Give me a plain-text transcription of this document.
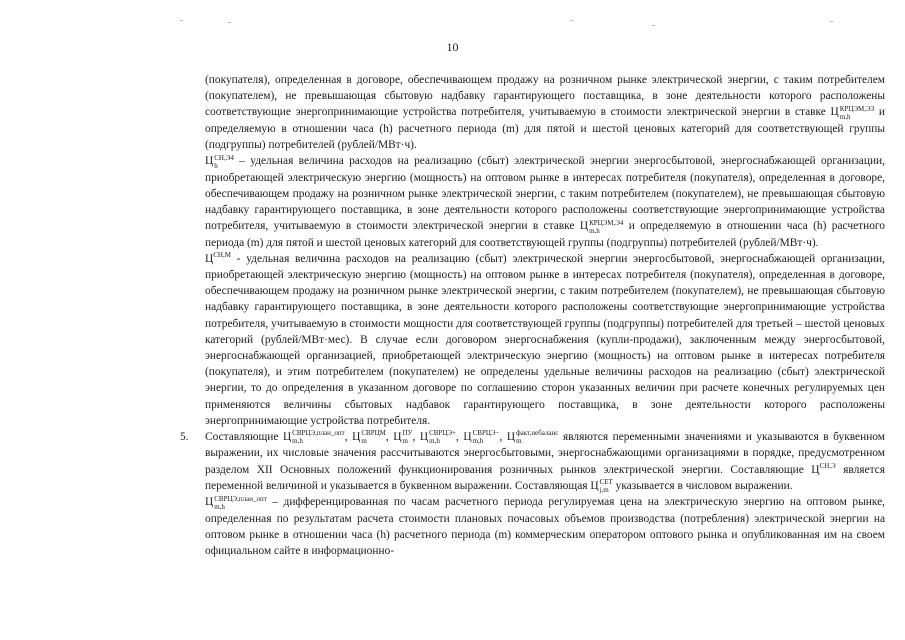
10

(покупателя), определенная в договоре, обеспечивающем продажу на розничном рынке электрической энергии, с таким потребителем (покупателем), не превышающая сбытовую надбавку гарантирующего поставщика, в зоне деятельности которого расположены соответствующие энергопринимающие устройства потребителя, учитываемую в стоимости электрической энергии в ставке Ц КРЦЭМ,ЭЗ
m,h	и определяемую в отношении часа (h) расчетного периода (m) для пятой и шестой ценовых категорий для соответствующей группы (подгруппы) потребителей (рублей/МВт·ч).

Ц СН,Э4
h	– удельная величина расходов на реализацию (сбыт) электрической энергии энергосбытовой, энергоснабжающей организации, приобретающей электрическую энергию (мощность) на оптовом рынке в интересах потребителя (покупателя), определенная в договоре, обеспечивающем продажу на розничном рынке электрической энергии, с таким потребителем (покупателем), не превышающая сбытовую надбавку гарантирующего поставщика, в зоне деятельности которого расположены соответствующие энергопринимающие устройства потребителя, учитываемую в стоимости электрической энергии в ставке Ц КРЦЭМ,Э4
m,h	и определяемую в отношении часа (h) расчетного периода (m) для пятой и шестой ценовых категорий для соответствующей группы (подгруппы) потребителей (рублей/МВт·ч).

$Ц^{СН,М}$ - удельная величина расходов на реализацию (сбыт) электрической энергии энергосбытовой, энергоснабжающей организации, приобретающей электрическую энергию (мощность) на оптовом рынке в интересах потребителя (покупателя), определенная в договоре, обеспечивающем продажу на розничном рынке электрической энергии, с таким потребителем (покупателем), не превышающая сбытовую надбавку гарантирующего поставщика, в зоне деятельности которого расположены соответствующие энергопринимающие устройства потребителя, учитываемую в стоимости мощности для соответствующей группы (подгруппы) потребителей для третьей – шестой ценовых категорий (рублей/МВт·мес). В случае если договором энергоснабжения (купли-продажи), заключенным между энергосбытовой, энергоснабжающей организацией, приобретающей электрическую энергию (мощность) на оптовом рынке в интересах потребителя (покупателя), и этим потребителем (покупателем) не определены удельные величины расходов на реализацию (сбыт) электрической энергии, то до определения в указанном договоре по соглашению сторон указанных величин при расчете конечных регулируемых цен применяются величины сбытовых надбавок гарантирующего поставщика, в зоне деятельности которого расположены энергопринимающие устройства потребителя.

5. Составляющие Ц СВРЦЭ,план_опт
m,h	, Ц СВРЦМ
m	, Ц ПУ
m , Ц СВРЦЭ+
m,h	, Ц СВРЦЭ−
m,h	, Ц факт,небаланс
m	являются переменными значениями и указываются в буквенном выражении, их числовые значения рассчитываются энергосбытовыми, энергоснабжающими организациями в порядке, предусмотренном разделом XII Основных положений функционирования розничных рынков электрической энергии. Составляющие $Ц^{СН,Э}$ является переменной величиной и указывается в буквенном выражении. Составляющая Ц СЕТ
j,m указывается в числовом выражении.

Ц СВРЦЭ,план_опт
m,h	– дифференцированная по часам расчетного периода регулируемая цена на электрическую энергию на оптовом рынке, определенная по результатам расчета стоимости плановых почасовых объемов производства (потребления) электрической энергии на оптовом рынке в отношении часа (h) расчетного периода (m) коммерческим оператором оптового рынка и опубликованная им на своем официальном сайте в информационно-
